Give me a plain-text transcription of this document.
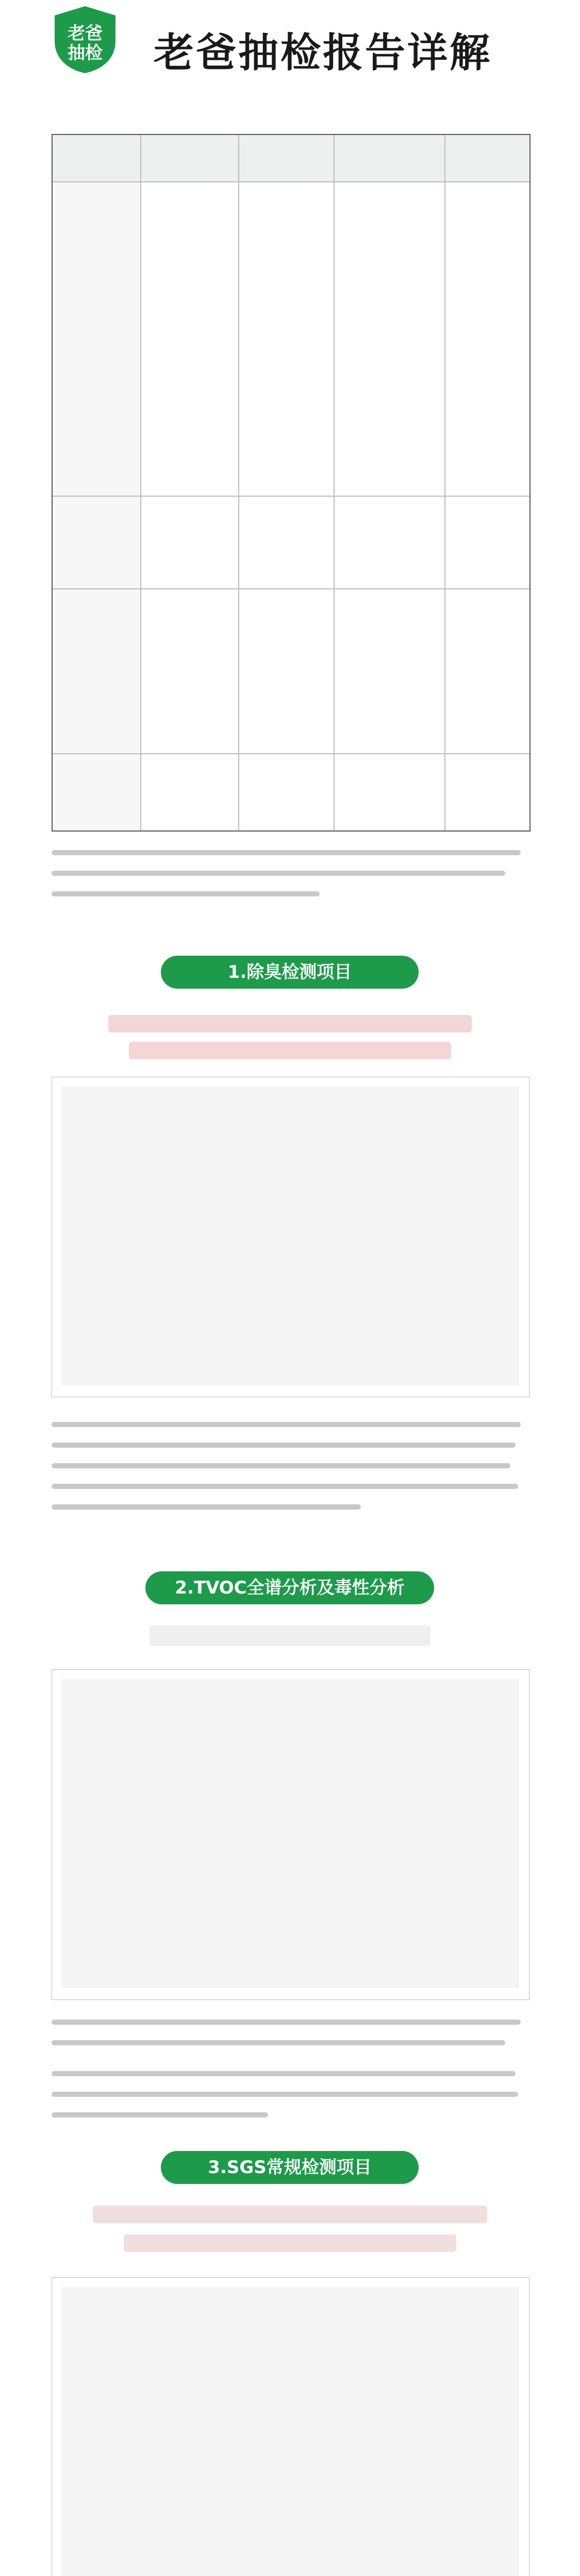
老爸抽检 老爸抽检报告详解
1.除臭检测项目
2.TVOC全谱分析及毒性分析
3.SGS常规检测项目
